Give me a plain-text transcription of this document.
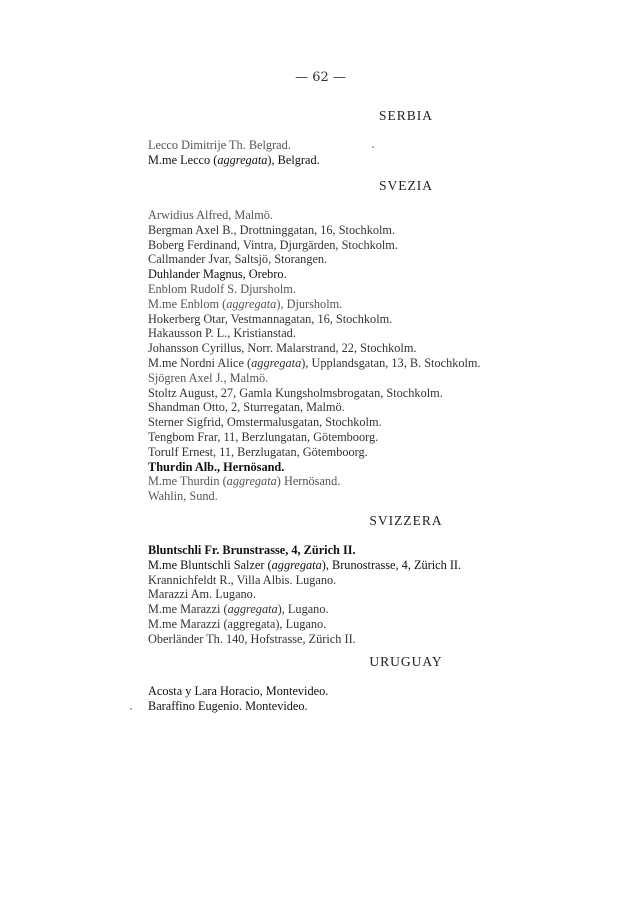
— 62 —
SERBIA
Lecco Dimitrije Th. Belgrad.
M.me Lecco (aggregata), Belgrad.
SVEZIA
Arwidius Alfred, Malmö.
Bergman Axel B., Drottninggatan, 16, Stochkolm.
Boberg Ferdinand, Vintra, Djurgärden, Stochkolm.
Callmander Jvar, Saltsjö, Storangen.
Duhlander Magnus, Orebro.
Enblom Rudolf S. Djursholm.
M.me Enblom (aggregata), Djursholm.
Hokerberg Otar, Vestmannagatan, 16, Stochkolm.
Hakausson P. L., Kristianstad.
Johansson Cyrillus, Norr. Malarstrand, 22, Stochkolm.
M.me Nordni Alice (aggregata), Upplandsgatan, 13, B. Stochkolm.
Sjögren Axel J., Malmö.
Stoltz August, 27, Gamla Kungsholmsbrogatan, Stochkolm.
Shandman Otto, 2, Sturregatan, Malmö.
Sterner Sigfrid, Omstermalusgatan, Stochkolm.
Tengbom Frar, 11, Berzlungatan, Götemboorg.
Torulf Ernest, 11, Berzlugatan, Götemboorg.
Thurdin Alb., Hernösand.
M.me Thurdin (aggregata) Hernösand.
Wahlin, Sund.
SVIZZERA
Bluntschli Fr. Brunstrasse, 4, Zürich II.
M.me Bluntschli Salzer (aggregata), Brunostrasse, 4, Zürich II.
Krannichfeldt R., Villa Albis. Lugano.
Marazzi Am. Lugano.
M.me Marazzi (aggregata), Lugano.
M.me Marazzi (aggregata), Lugano.
Oberländer Th. 140, Hofstrasse, Zürich II.
URUGUAY
Acosta y Lara Horacio, Montevideo.
Baraffino Eugenio. Montevideo.
